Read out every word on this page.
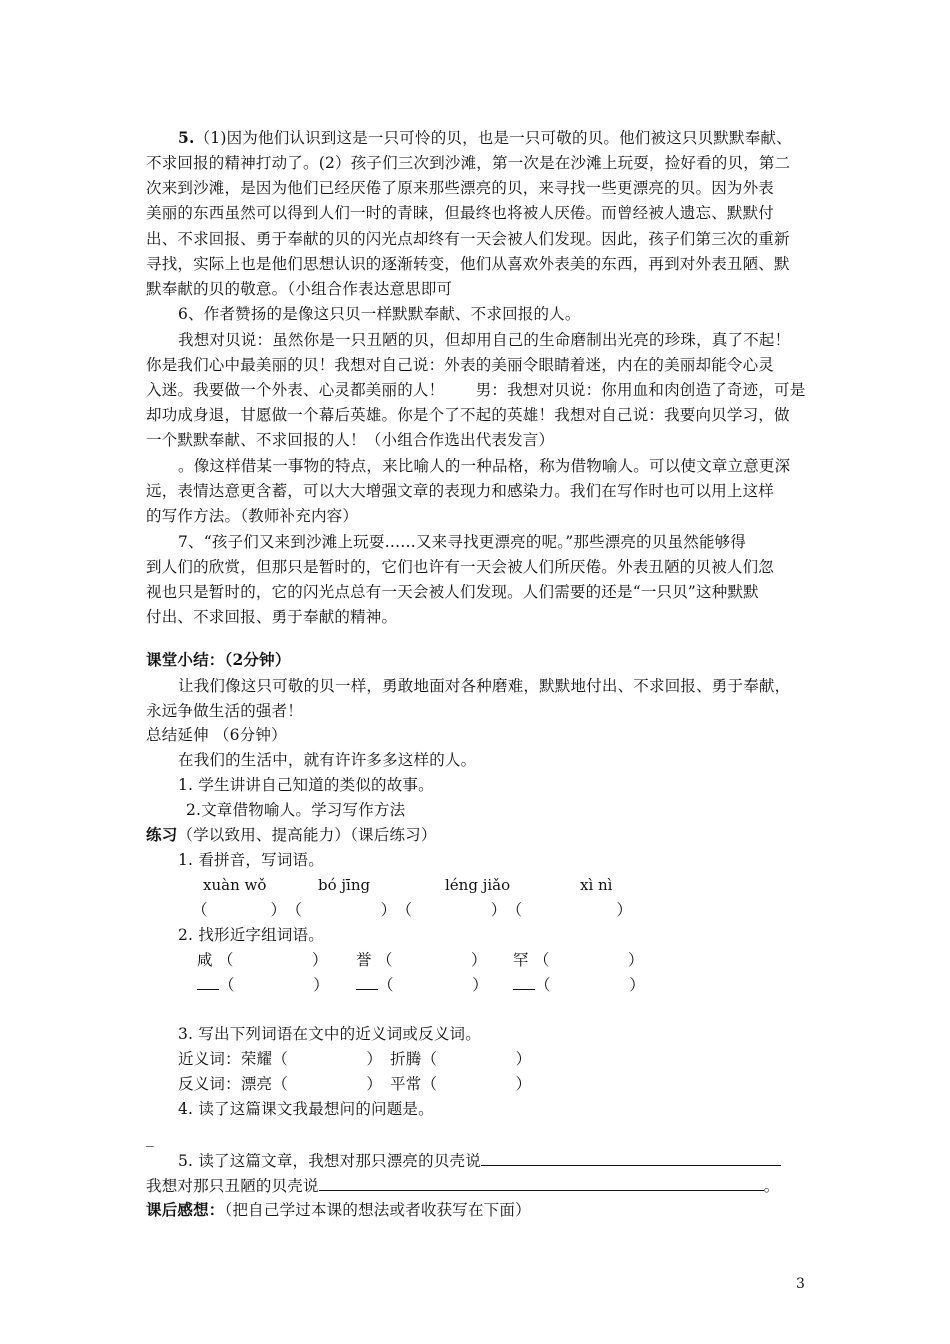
5.（1)因为他们认识到这是一只可怜的贝，也是一只可敬的贝。他们被这只贝默默奉献、
不求回报的精神打动了。(2）孩子们三次到沙滩，第一次是在沙滩上玩耍，捡好看的贝，第二
次来到沙滩，是因为他们已经厌倦了原来那些漂亮的贝，来寻找一些更漂亮的贝。因为外表
美丽的东西虽然可以得到人们一时的青睐，但最终也将被人厌倦。而曾经被人遗忘、默默付
出、不求回报、勇于奉献的贝的闪光点却终有一天会被人们发现。因此，孩子们第三次的重新
寻找，实际上也是他们思想认识的逐渐转变，他们从喜欢外表美的东西，再到对外表丑陋、默
默奉献的贝的敬意。（小组合作表达意思即可
6、作者赞扬的是像这只贝一样默默奉献、不求回报的人。
我想对贝说：虽然你是一只丑陋的贝，但却用自己的生命磨制出光亮的珍珠，真了不起！
你是我们心中最美丽的贝！我想对自己说：外表的美丽令眼睛着迷，内在的美丽却能令心灵
入迷。我要做一个外表、心灵都美丽的人！　　男：我想对贝说：你用血和肉创造了奇迹，可是
却功成身退，甘愿做一个幕后英雄。你是个了不起的英雄！我想对自己说：我要向贝学习，做
一个默默奉献、不求回报的人！（小组合作选出代表发言）
。像这样借某一事物的特点，来比喻人的一种品格，称为借物喻人。可以使文章立意更深
远，表情达意更含蓄，可以大大增强文章的表现力和感染力。我们在写作时也可以用上这样
的写作方法。（教师补充内容）
7、“孩子们又来到沙滩上玩耍……又来寻找更漂亮的呢。”那些漂亮的贝虽然能够得
到人们的欣赏，但那只是暂时的，它们也许有一天会被人们所厌倦。外表丑陋的贝被人们忽
视也只是暂时的，它的闪光点总有一天会被人们发现。人们需要的还是“一只贝”这种默默
付出、不求回报、勇于奉献的精神。
课堂小结：（2分钟）
让我们像这只可敬的贝一样，勇敢地面对各种磨难，默默地付出、不求回报、勇于奉献，
永远争做生活的强者！
总结延伸 （6分钟）
在我们的生活中，就有许许多多这样的人。
1. 学生讲讲自己知道的类似的故事。
2.文章借物喻人。学习写作方法
练习（学以致用、提高能力）（课后练习）
1. 看拼音，写词语。
xuàn wǒ	bó jīng	léng jiǎo	xì nì
（　　　　）　（　　　　　）　（　　　　　）　（　　　　　　）
2. 找形近字组词语。
咸 （　　　　　） 誉 （　　　　　） 罕 （　　　　　）
（　　　　　）	（　　　　　）	（　　　　　）
3. 写出下列词语在文中的近义词或反义词。
近义词：荣耀（　　　　　）　 折腾（　　　　　）
反义词：漂亮（　　　　　）　 平常（　　　　　）
4. 读了这篇课文我最想问的问题是。
_
5. 读了这篇文章，我想对那只漂亮的贝壳说
我想对那只丑陋的贝壳说	。
课后感想：（把自己学过本课的想法或者收获写在下面）
3
